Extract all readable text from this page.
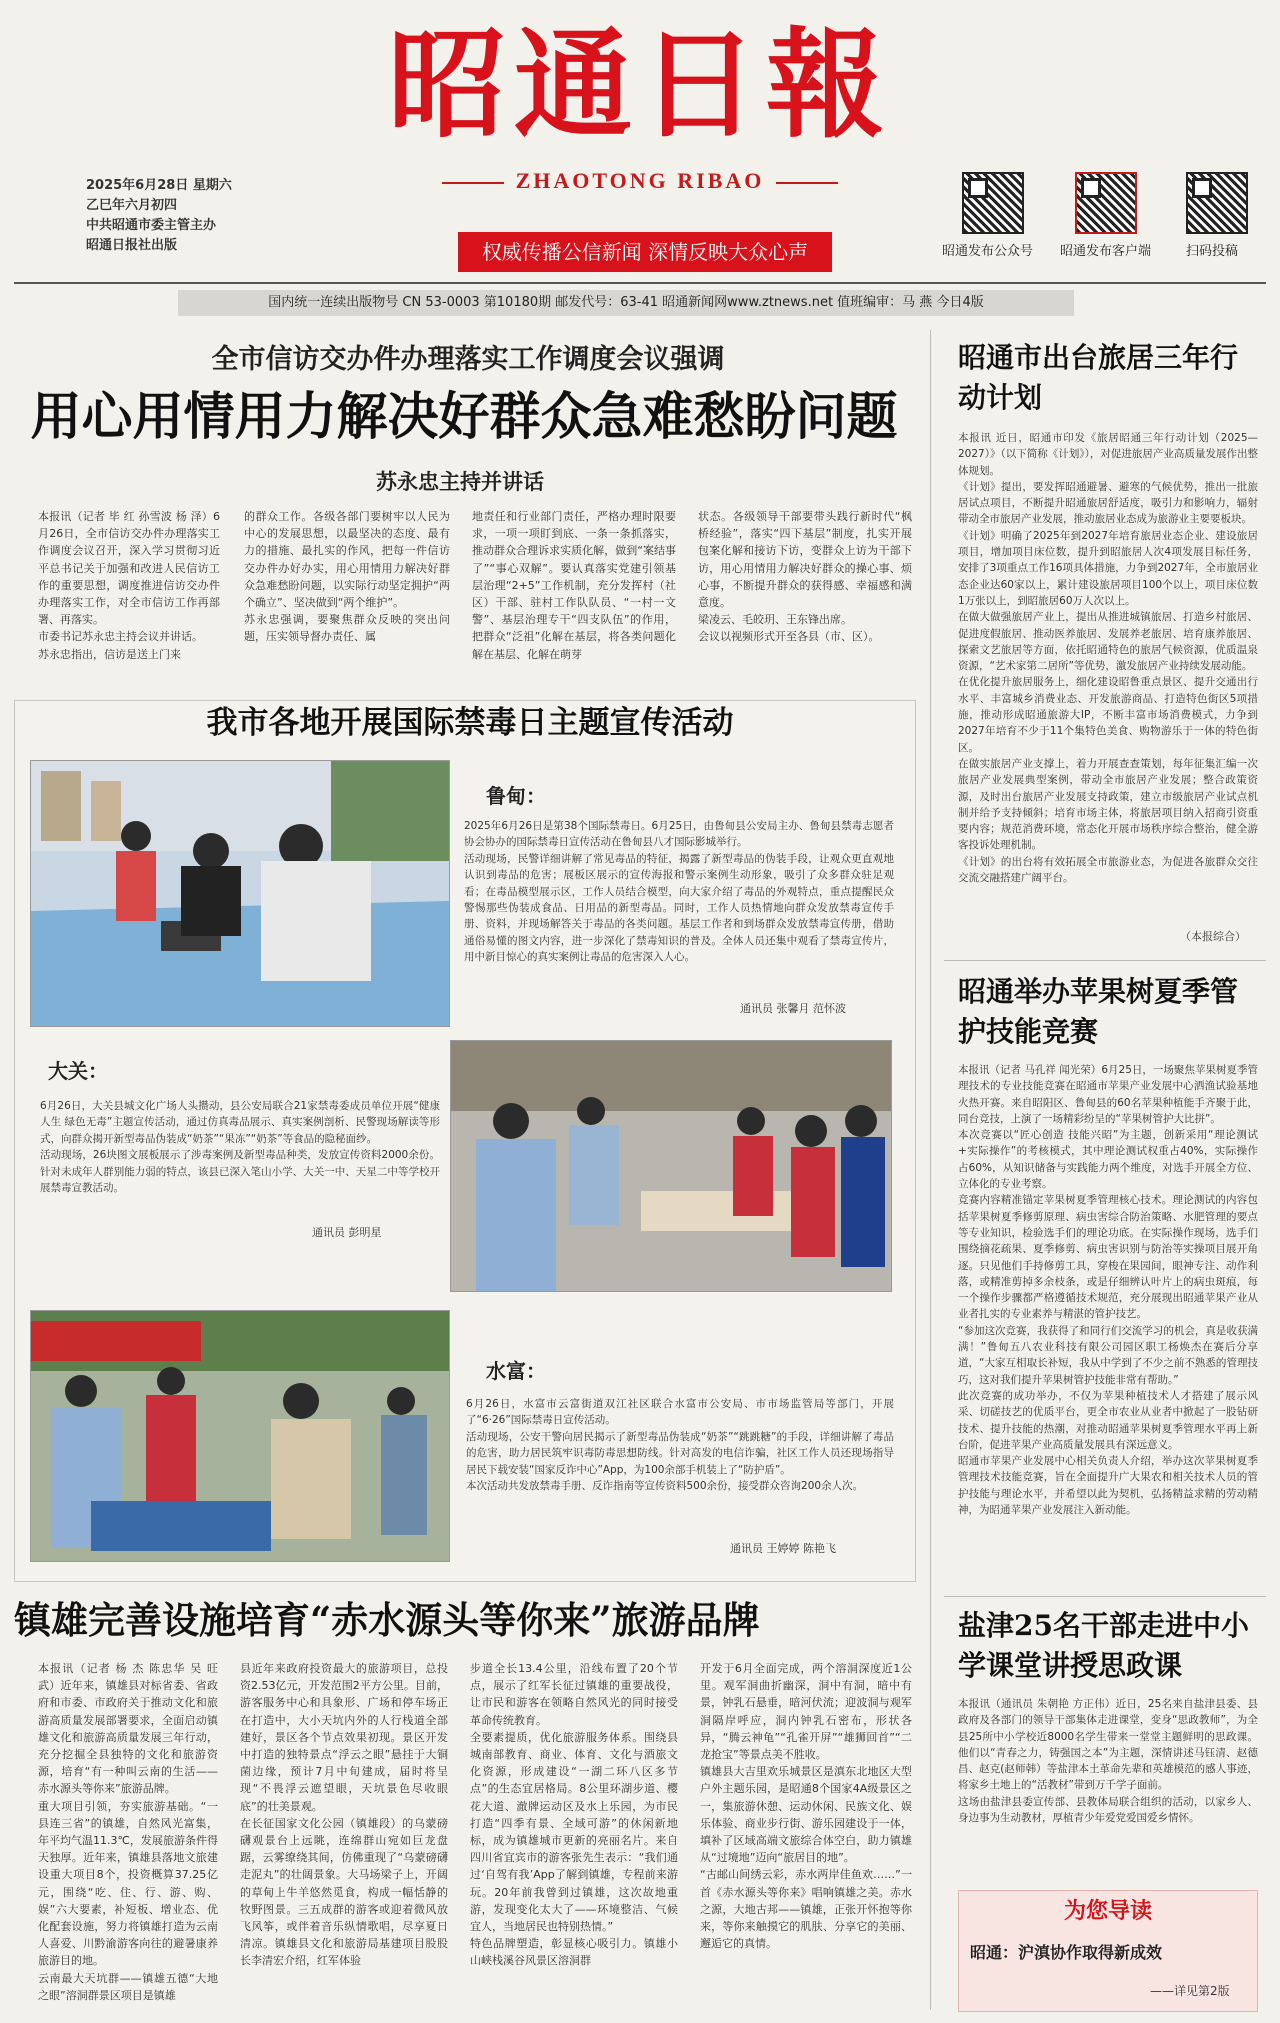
昭通日報
ZHAOTONG RIBAO
权威传播公信新闻 深情反映大众心声
2025年6月28日 星期六
乙巳年六月初四
中共昭通市委主管主办
昭通日报社出版	昭通发布公众号 昭通发布客户端	扫码投稿
国内统一连续出版物号 CN 53-0003 第10180期 邮发代号：63-41 昭通新闻网www.ztnews.net 值班编审：马 燕 今日4版
全市信访交办件办理落实工作调度会议强调
用心用情用力解决好群众急难愁盼问题
苏永忠主持并讲话
本报讯（记者 毕 红 孙雪波 杨 泽）6月26日，全市信访交办件办理落实工作调度会议召开，深入学习贯彻习近平总书记关于加强和改进人民信访工作的重要思想，调度推进信访交办件办理落实工作，对全市信访工作再部署、再落实。
市委书记苏永忠主持会议并讲话。
苏永忠指出，信访是送上门来
的群众工作。各级各部门要树牢以人民为中心的发展思想，以最坚决的态度、最有力的措施、最扎实的作风，把每一件信访交办件办好办实，用心用情用力解决好群众急难愁盼问题，以实际行动坚定拥护“两个确立”、坚决做到“两个维护”。
苏永忠强调，要聚焦群众反映的突出问题，压实领导督办责任、属
地责任和行业部门责任，严格办理时限要求，一项一项盯到底、一条一条抓落实，推动群众合理诉求实质化解，做到“案结事了”“事心双解”。要认真落实党建引领基层治理“2+5”工作机制，充分发挥村（社区）干部、驻村工作队队员、“一村一文警”、基层治理专干“四支队伍”的作用，把群众“泛祖”化解在基层，将各类问题化解在基层、化解在萌芽
状态。各级领导干部要带头践行新时代“枫桥经验”，落实“四下基层”制度，扎实开展包案化解和接访下访，变群众上访为干部下访，用心用情用力解决好群众的操心事、烦心事，不断提升群众的获得感、幸福感和满意度。
梁凌云、毛皎玥、王东锋出席。
会议以视频形式开至各县（市、区）。
我市各地开展国际禁毒日主题宣传活动
鲁甸：
2025年6月26日是第38个国际禁毒日。6月25日，由鲁甸县公安局主办、鲁甸县禁毒志愿者协会协办的国际禁毒日宣传活动在鲁甸县八才国际影城举行。
活动现场，民警详细讲解了常见毒品的特征，揭露了新型毒品的伪装手段，让观众更直观地认识到毒品的危害；展板区展示的宣传海报和警示案例生动形象，吸引了众多群众驻足观看；在毒品模型展示区，工作人员结合模型，向大家介绍了毒品的外观特点，重点提醒民众警惕那些伪装成食品、日用品的新型毒品。同时，工作人员热情地向群众发放禁毒宣传手册、资料，并现场解答关于毒品的各类问题。基层工作者和到场群众发放禁毒宣传册，借助通俗易懂的图文内容，进一步深化了禁毒知识的普及。全体人员还集中观看了禁毒宣传片，用中新目惊心的真实案例让毒品的危害深入人心。
通讯员 张馨月 范怀波
大关：
6月26日，大关县城文化广场人头攒动，县公安局联合21家禁毒委成员单位开展“健康人生 绿色无毒”主题宣传活动，通过仿真毒品展示、真实案例剖析、民警现场解读等形式，向群众揭开新型毒品伪装成“奶茶”“果冻”“奶茶”等食品的隐秘面纱。
活动现场，26块图文展板展示了涉毒案例及新型毒品种类，发放宣传资料2000余份。针对未成年人群别能力弱的特点，该县已深入笔山小学、大关一中、天星二中等学校开展禁毒宣教活动。
通讯员 彭明星
水富：
6月26日，水富市云富街道双江社区联合水富市公安局、市市场监管局等部门，开展了“6·26”国际禁毒日宣传活动。
活动现场，公安干警向居民揭示了新型毒品伪装成“奶茶”“跳跳糖”的手段，详细讲解了毒品的危害，助力居民筑牢识毒防毒思想防线。针对高发的电信诈骗，社区工作人员还现场指导居民下载安装“国家反诈中心”App，为100余部手机装上了“防护盾”。
本次活动共发放禁毒手册、反诈指南等宣传资料500余份，接受群众咨询200余人次。
通讯员 王婷婷 陈艳飞
镇雄完善设施培育“赤水源头等你来”旅游品牌
本报讯（记者 杨 杰 陈忠华 吴 旺 武）近年来，镇雄县对标省委、省政府和市委、市政府关于推动文化和旅游高质量发展部署要求，全面启动镇雄文化和旅游高质量发展三年行动，充分挖掘全县独特的文化和旅游资源，培育“有一种叫云南的生活——赤水源头等你来”旅游品牌。
重大项目引领，夯实旅游基础。“一县连三省”的镇雄，自然风光富集，年平均气温11.3℃，发展旅游条件得天独厚。近年来，镇雄县落地文旅建设重大项目8个，投资概算37.25亿元，围绕“吃、住、行、游、购、娱”六大要素，补短板、增业态、优化配套设施，努力将镇雄打造为云南人喜爱、川黔渝游客向往的避暑康养旅游目的地。
云南最大天坑群——镇雄五德“大地之眼”溶洞群景区项目是镇雄
县近年来政府投资最大的旅游项目，总投资2.53亿元，开发范围2平方公里。目前，游客服务中心和具象形、广场和停车场正在打造中，大小天坑内外的人行栈道全部建好，景区各个节点效果初现。景区开发中打造的独特景点“浮云之眼”悬挂于大铜菌边缘，预计7月中旬建成，届时将呈现“不畏浮云遮望眼，天坑景色尽收眼底”的壮美景观。
在长征国家文化公园（镇雄段）的乌蒙磅礴观景台上远眺，连绵群山宛如巨龙盘踞，云雾缭绕其间，仿佛重现了“乌蒙磅礴走泥丸”的壮阔景象。大马场梁子上，开阔的草甸上牛羊悠然觅食，构成一幅恬静的牧野图景。三五成群的游客或迎着微风放飞风筝，或伴着音乐纵情歌唱，尽享夏日清凉。镇雄县文化和旅游局基建项目股股长李清宏介绍，红军体验
步道全长13.4公里，沿线布置了20个节点，展示了红军长征过镇雄的重要战役，让市民和游客在领略自然风光的同时接受革命传统教育。
全要素提质，优化旅游服务体系。围绕县城南部教育、商业、体育、文化与酒旅文化资源，形成建设“一湖二环八区多节点”的生态宜居格局。8公里环湖步道、樱花大道、澈牌运动区及水上乐园，为市民打造“四季有景、全域可游”的休闲新地标，成为镇雄城市更新的亮丽名片。来自四川省宜宾市的游客张先生表示：“我们通过‘自驾有我’App了解到镇雄，专程前来游玩。20年前我曾到过镇雄，这次故地重游，发现变化太大了——环境整洁、气候宜人，当地居民也特别热情。”
特色品牌塑造，彰显核心吸引力。镇雄小山峡栈溪谷风景区溶洞群
开发于6月全面完成，两个溶洞深度近1公里。观军洞曲折幽深，洞中有洞，暗中有景，钟乳石悬垂，暗河伏流；迎波洞与观军洞隔岸呼应，洞内钟乳石密布，形状各异，“腾云神龟”“孔雀开屏”“雄狮回首”“二龙抢宝”等景点美不胜收。
镇雄县大吉里欢乐城景区是滇东北地区大型户外主题乐园，是昭通8个国家4A级景区之一，集旅游休憩、运动休闲、民族文化、娱乐体验、商业步行街、游乐园建设于一体，填补了区域高端文旅综合体空白，助力镇雄从“过境地”迈向“旅居目的地”。
“古邮山间绣云彩，赤水两岸佳鱼欢……”一首《赤水源头等你来》唱响镇雄之美。赤水之源，大地古邦——镇雄，正张开怀抱等你来，等你来触摸它的肌肤、分享它的美丽、邂逅它的真情。
昭通市出台旅居三年行动计划
本报讯 近日，昭通市印发《旅居昭通三年行动计划（2025—2027）》（以下简称《计划》），对促进旅居产业高质量发展作出整体规划。
《计划》提出，要发挥昭通避暑、避寒的气候优势，推出一批旅居试点项目，不断提升昭通旅居舒适度，吸引力和影响力，辐射带动全市旅居产业发展，推动旅居业态成为旅游业主要要板块。
《计划》明确了2025年到2027年培育旅居业态企业、建设旅居项目，增加项目床位数，提升到昭旅居人次4项发展目标任务，安排了3项重点工作16项具体措施，力争到2027年，全市旅居业态企业达60家以上，累计建设旅居项目100个以上，项目床位数1万张以上，到昭旅居60万人次以上。
在做大做强旅居产业上，提出从推进城镇旅居、打造乡村旅居、促进度假旅居、推动医养旅居、发展养老旅居、培育康养旅居、探索文艺旅居等方面，依托昭通特色的旅居气候资源，优质温泉资源，“艺术家第二居所”等优势，激发旅居产业持续发展动能。
在优化提升旅居服务上，细化建设昭鲁重点景区、提升交通出行水平、丰富城乡消费业态、开发旅游商品、打造特色街区5项措施，推动形成昭通旅游大IP，不断丰富市场消费模式，力争到2027年培育不少于11个集特色美食、购物游乐于一体的特色街区。
在做实旅居产业支撑上，着力开展查查策划，每年征集汇编一次旅居产业发展典型案例，带动全市旅居产业发展；整合政策资源，及时出台旅居产业发展支持政策，建立市级旅居产业试点机制并给予支持倾斜；培育市场主体，将旅居项目纳入招商引资重要内容；规范消费环境，常态化开展市场秩序综合整治，健全游客投诉处理机制。
《计划》的出台将有效拓展全市旅游业态，为促进各旅群众交往交流交融搭建广阔平台。
（本报综合）
昭通举办苹果树夏季管护技能竞赛
本报讯（记者 马孔祥 闻光荣）6月25日，一场聚焦苹果树夏季管理技术的专业技能竞赛在昭通市苹果产业发展中心洒渔试验基地火热开赛。来自昭阳区、鲁甸县的60名苹果种植能手齐聚于此，同台竞技，上演了一场精彩纷呈的“苹果树管护大比拼”。
本次竞赛以“匠心创造 技能兴昭”为主题，创新采用“理论测试+实际操作”的考核模式，其中理论测试权重占40%，实际操作占60%，从知识储备与实践能力两个维度，对选手开展全方位、立体化的专业考察。
竞赛内容精准锚定苹果树夏季管理核心技术。理论测试的内容包括苹果树夏季修剪原理、病虫害综合防治策略、水肥管理的要点等专业知识，检验选手们的理论功底。在实际操作现场，选手们围绕摘花疏果、夏季修剪、病虫害识别与防治等实操项目展开角逐。只见他们手持修剪工具，穿梭在果园间，眼神专注、动作利落，或精准剪掉多余枝条，或是仔细辨认叶片上的病虫斑痕，每一个操作步骤都严格遵循技术规范，充分展现出昭通苹果产业从业者扎实的专业素养与精湛的管护技艺。
“参加这次竞赛，我获得了和同行们交流学习的机会，真是收获满满！”鲁甸五八农业科技有限公司园区职工杨焕杰在赛后分享道，“大家互相取长补短，我从中学到了不少之前不熟悉的管理技巧，这对我们提升苹果树管护技能非常有帮助。”
此次竞赛的成功举办，不仅为苹果种植技术人才搭建了展示风采、切磋技艺的优质平台，更全市农业从业者中掀起了一股钻研技术、提升技能的热潮，对推动昭通苹果树夏季管理水平再上新台阶，促进苹果产业高质量发展具有深远意义。
昭通市苹果产业发展中心相关负责人介绍，举办这次苹果树夏季管理技术技能竞赛，旨在全面提升广大果农和相关技术人员的管护技能与理论水平，并希望以此为契机，弘扬精益求精的劳动精神，为昭通苹果产业发展注入新动能。
盐津25名干部走进中小学课堂讲授思政课
本报讯（通讯员 朱朝艳 方正伟）近日，25名来自盐津县委、县政府及各部门的领导干部集体走进课堂，变身“思政教师”，为全县25所中小学校近8000名学生带来一堂堂主题鲜明的思政课。他们以“青春之力，铸强国之本”为主题，深情讲述马钰清、赵德昌、赵克(赵师韩）等盐津本土革命先辈和英雄模范的感人事迹，将家乡土地上的“活教材”带到万千学子面前。
这场由盐津县委宣传部、县教体局联合组织的活动，以家乡人、身边事为生动教材，厚植青少年爱党爱国爱乡情怀。
为您导读
昭通：沪滇协作取得新成效
——详见第2版
